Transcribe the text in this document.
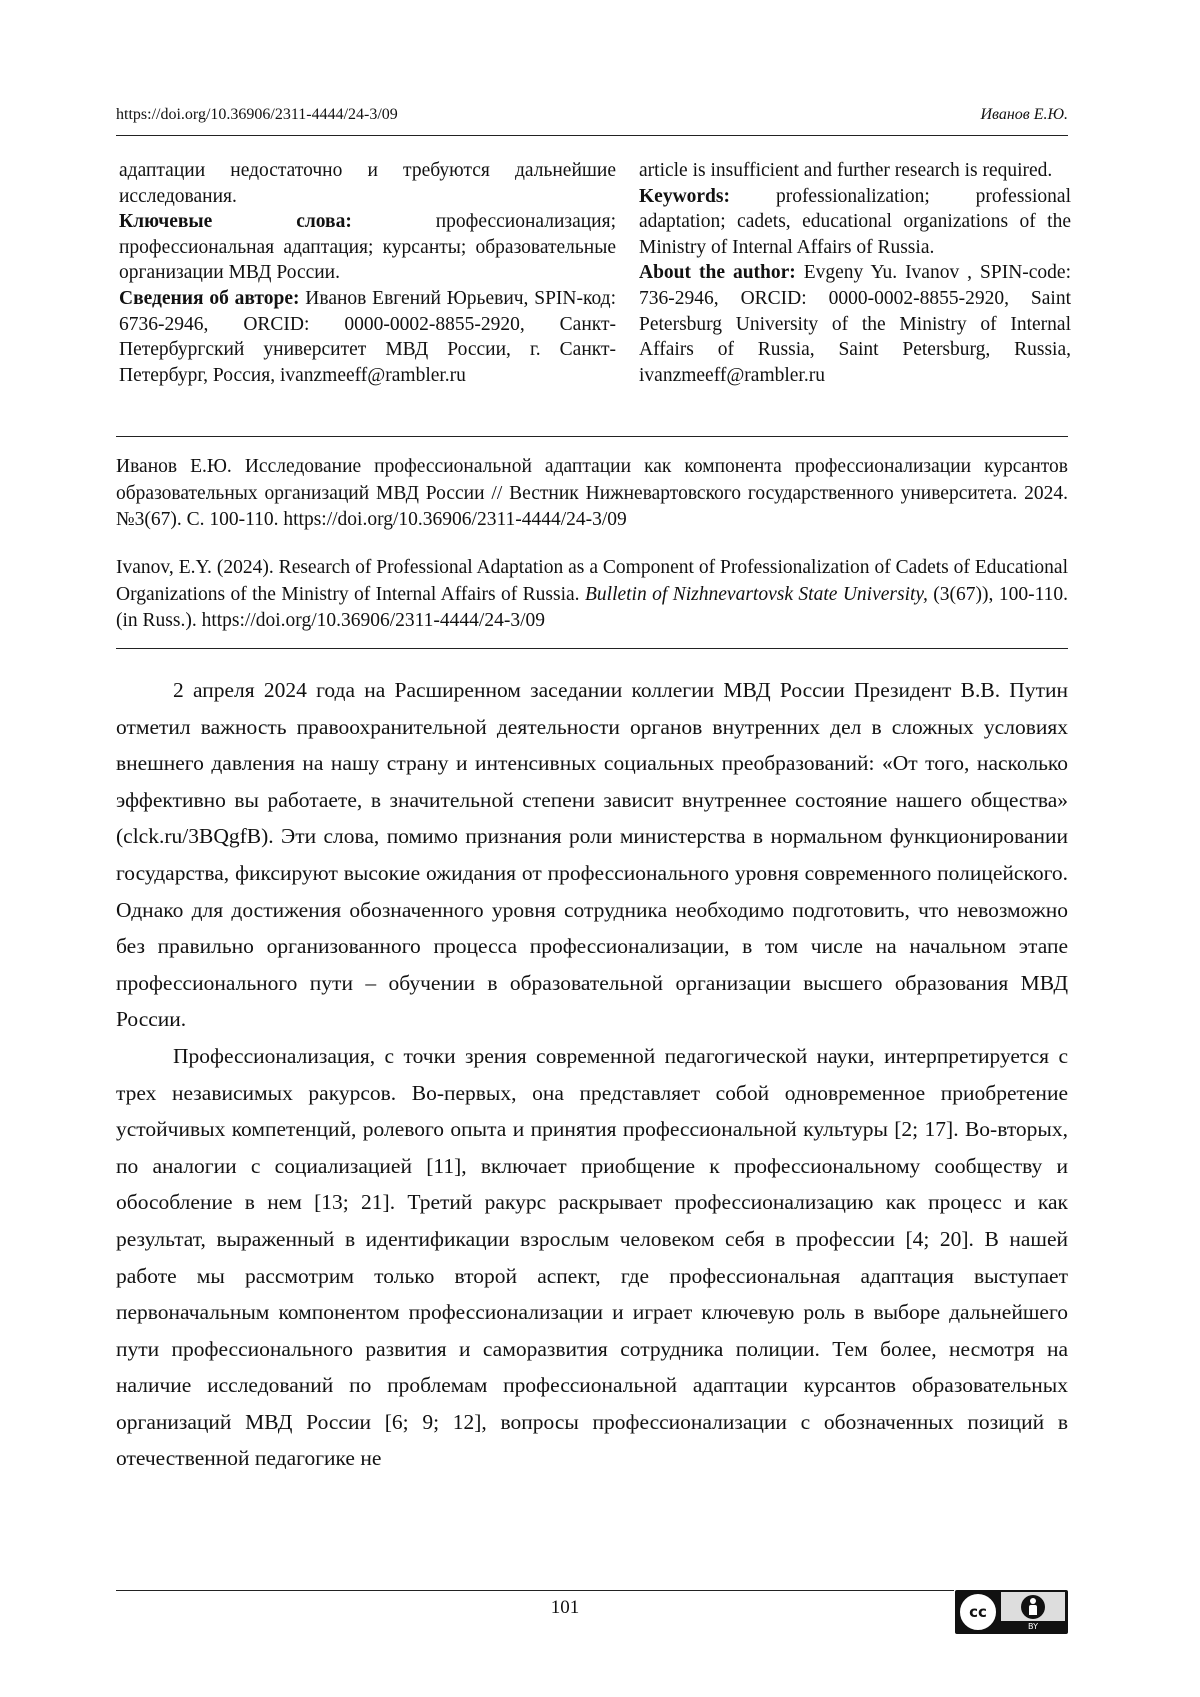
https://doi.org/10.36906/2311-4444/24-3/09	Иванов Е.Ю.

адаптации недостаточно и требуются дальнейшие исследования.

Ключевые слова: профессионализация; профессиональная адаптация; курсанты; образовательные организации МВД России.

Сведения об авторе: Иванов Евгений Юрьевич, SPIN-код: 6736-2946, ORCID: 0000-0002-8855-2920, Санкт-Петербургский университет МВД России, г. Санкт-Петербург, Россия, ivanzmeeff@rambler.ru

article is insufficient and further research is required.

Keywords: professionalization; professional adaptation; cadets, educational organizations of the Ministry of Internal Affairs of Russia.

About the author: Evgeny Yu. Ivanov , SPIN-code: 736-2946, ORCID: 0000-0002-8855-2920, Saint Petersburg University of the Ministry of Internal Affairs of Russia, Saint Petersburg, Russia, ivanzmeeff@rambler.ru

Иванов Е.Ю. Исследование профессиональной адаптации как компонента профессионализации курсантов образовательных организаций МВД России // Вестник Нижневартовского государственного университета. 2024. №3(67). С. 100-110. https://doi.org/10.36906/2311-4444/24-3/09

Ivanov, E.Y. (2024). Research of Professional Adaptation as a Component of Professionalization of Cadets of Educational Organizations of the Ministry of Internal Affairs of Russia. Bulletin of Nizhnevartovsk State University, (3(67)), 100-110. (in Russ.). https://doi.org/10.36906/2311-4444/24-3/09

2 апреля 2024 года на Расширенном заседании коллегии МВД России Президент В.В. Путин отметил важность правоохранительной деятельности органов внутренних дел в сложных условиях внешнего давления на нашу страну и интенсивных социальных преобразований: «От того, насколько эффективно вы работаете, в значительной степени зависит внутреннее состояние нашего общества» (clck.ru/3BQgfB). Эти слова, помимо признания роли министерства в нормальном функционировании государства, фиксируют высокие ожидания от профессионального уровня современного полицейского. Однако для достижения обозначенного уровня сотрудника необходимо подготовить, что невозможно без правильно организованного процесса профессионализации, в том числе на начальном этапе профессионального пути – обучении в образовательной организации высшего образования МВД России.

Профессионализация, с точки зрения современной педагогической науки, интерпретируется с трех независимых ракурсов. Во-первых, она представляет собой одновременное приобретение устойчивых компетенций, ролевого опыта и принятия профессиональной культуры [2; 17]. Во-вторых, по аналогии с социализацией [11], включает приобщение к профессиональному сообществу и обособление в нем [13; 21]. Третий ракурс раскрывает профессионализацию как процесс и как результат, выраженный в идентификации взрослым человеком себя в профессии [4; 20]. В нашей работе мы рассмотрим только второй аспект, где профессиональная адаптация выступает первоначальным компонентом профессионализации и играет ключевую роль в выборе дальнейшего пути профессионального развития и саморазвития сотрудника полиции. Тем более, несмотря на наличие исследований по проблемам профессиональной адаптации курсантов образовательных организаций МВД России [6; 9; 12], вопросы профессионализации с обозначенных позиций в отечественной педагогике не

101	cc
BY
